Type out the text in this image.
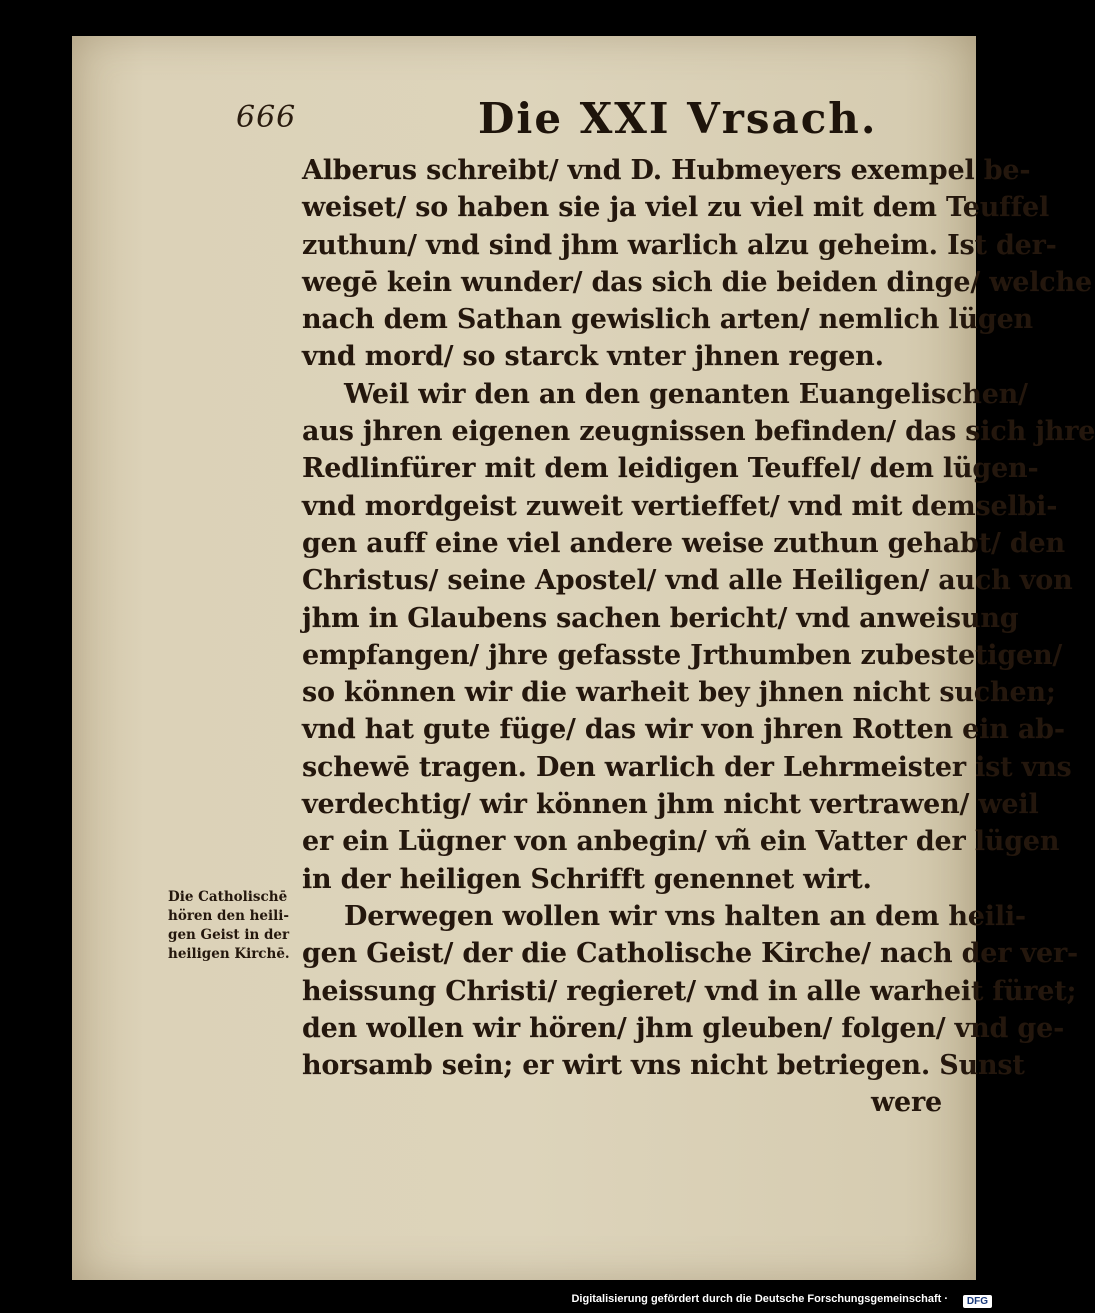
666	Die XXI Vrsach.
Alberus schreibt/ vnd D. Hubmeyers exempel be-
weiset/ so haben sie ja viel zu viel mit dem Teuffel
zuthun/ vnd sind jhm warlich alzu geheim. Ist der-
wegē kein wunder/ das sich die beiden dinge/ welche
nach dem Sathan gewislich arten/ nemlich lügen
vnd mord/ so starck vnter jhnen regen.
Weil wir den an den genanten Euangelischen/
aus jhren eigenen zeugnissen befinden/ das sich jhre
Redlinfürer mit dem leidigen Teuffel/ dem lügen-
vnd mordgeist zuweit vertieffet/ vnd mit demselbi-
gen auff eine viel andere weise zuthun gehabt/ den
Christus/ seine Apostel/ vnd alle Heiligen/ auch von
jhm in Glaubens sachen bericht/ vnd anweisung
empfangen/ jhre gefasste Jrthumben zubestetigen/
so können wir die warheit bey jhnen nicht suchen;
vnd hat gute füge/ das wir von jhren Rotten ein ab-
schewē tragen. Den warlich der Lehrmeister ist vns
verdechtig/ wir können jhm nicht vertrawen/ weil
er ein Lügner von anbegin/ vñ ein Vatter der lügen
in der heiligen Schrifft genennet wirt.
Derwegen wollen wir vns halten an dem heili-
gen Geist/ der die Catholische Kirche/ nach der ver-
heissung Christi/ regieret/ vnd in alle warheit füret;
den wollen wir hören/ jhm gleuben/ folgen/ vnd ge-
horsamb sein; er wirt vns nicht betriegen. Sunst
were
Die Catholischē
hören den heili-
gen Geist in der
heiligen Kirchē.
Digitalisierung gefördert durch die Deutsche Forschungsgemeinschaft ·	DFG
